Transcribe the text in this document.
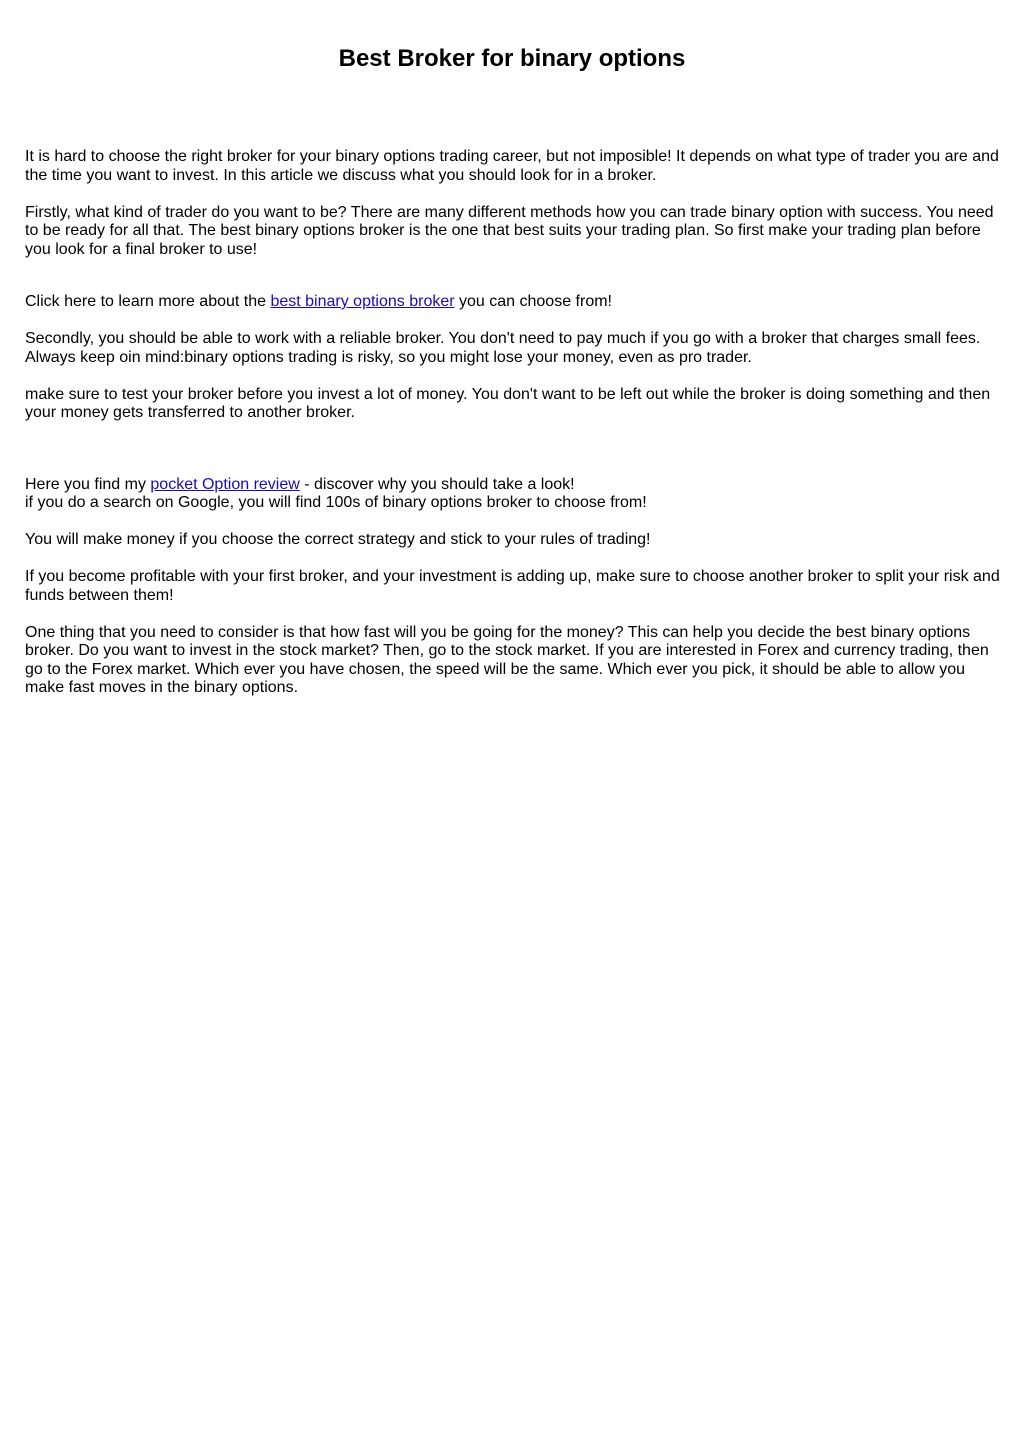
Best Broker for binary options

It is hard to choose the right broker for your binary options trading career, but not imposible! It depends on what type of trader you are and the time you want to invest. In this article we discuss what you should look for in a broker.

Firstly, what kind of trader do you want to be? There are many different methods how you can trade binary option with success. You need to be ready for all that. The best binary options broker is the one that best suits your trading plan. So first make your trading plan before you look for a final broker to use!

Click here to learn more about the best binary options broker you can choose from!

Secondly, you should be able to work with a reliable broker. You don't need to pay much if you go with a broker that charges small fees. Always keep oin mind:binary options trading is risky, so you might lose your money, even as pro trader.

make sure to test your broker before you invest a lot of money. You don't want to be left out while the broker is doing something and then your money gets transferred to another broker.

Here you find my pocket Option review - discover why you should take a look!

if you do a search on Google, you will find 100s of binary options broker to choose from!

You will make money if you choose the correct strategy and stick to your rules of trading!

If you become profitable with your first broker, and your investment is adding up, make sure to choose another broker to split your risk and funds between them!

One thing that you need to consider is that how fast will you be going for the money? This can help you decide the best binary options broker. Do you want to invest in the stock market? Then, go to the stock market. If you are interested in Forex and currency trading, then go to the Forex market. Which ever you have chosen, the speed will be the same. Which ever you pick, it should be able to allow you make fast moves in the binary options.
